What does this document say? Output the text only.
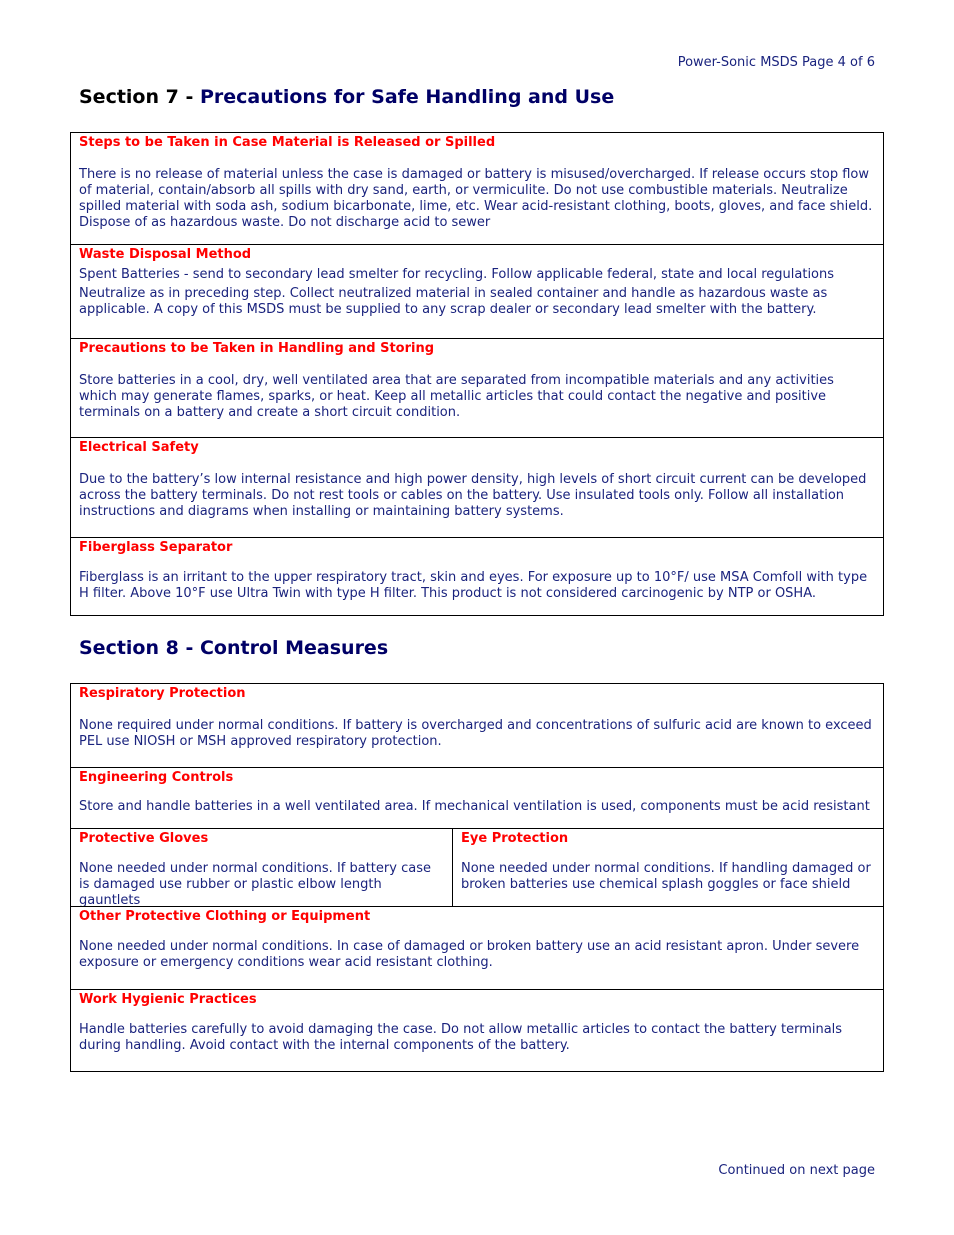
Power-Sonic MSDS Page 4 of 6
Section 7 - Precautions for Safe Handling and Use
Steps to be Taken in Case Material is Released or Spilled
There is no release of material unless the case is damaged or battery is misused/overcharged. If release occurs stop flow of material, contain/absorb all spills with dry sand, earth, or vermiculite. Do not use combustible materials. Neutralize spilled material with soda ash, sodium bicarbonate, lime, etc. Wear acid-resistant clothing, boots, gloves, and face shield. Dispose of as hazardous waste. Do not discharge acid to sewer
Waste Disposal Method
Spent Batteries - send to secondary lead smelter for recycling. Follow applicable federal, state and local regulations
Neutralize as in preceding step. Collect neutralized material in sealed container and handle as hazardous waste as applicable. A copy of this MSDS must be supplied to any scrap dealer or secondary lead smelter with the battery.
Precautions to be Taken in Handling and Storing
Store batteries in a cool, dry, well ventilated area that are separated from incompatible materials and any activities which may generate flames, sparks, or heat. Keep all metallic articles that could contact the negative and positive terminals on a battery and create a short circuit condition.
Electrical Safety
Due to the battery’s low internal resistance and high power density, high levels of short circuit current can be developed across the battery terminals. Do not rest tools or cables on the battery. Use insulated tools only. Follow all installation instructions and diagrams when installing or maintaining battery systems.
Fiberglass Separator
Fiberglass is an irritant to the upper respiratory tract, skin and eyes. For exposure up to 10°F/ use MSA Comfoll with type H filter. Above 10°F use Ultra Twin with type H filter. This product is not considered carcinogenic by NTP or OSHA.
Section 8 - Control Measures
Respiratory Protection
None required under normal conditions. If battery is overcharged and concentrations of sulfuric acid are known to exceed PEL use NIOSH or MSH approved respiratory protection.
Engineering Controls
Store and handle batteries in a well ventilated area. If mechanical ventilation is used, components must be acid resistant
Protective Gloves
None needed under normal conditions. If battery case is damaged use rubber or plastic elbow length gauntlets
Eye Protection
None needed under normal conditions. If handling damaged or broken batteries use chemical splash goggles or face shield
Other Protective Clothing or Equipment
None needed under normal conditions. In case of damaged or broken battery use an acid resistant apron. Under severe exposure or emergency conditions wear acid resistant clothing.
Work Hygienic Practices
Handle batteries carefully to avoid damaging the case. Do not allow metallic articles to contact the battery terminals during handling. Avoid contact with the internal components of the battery.
Continued on next page
